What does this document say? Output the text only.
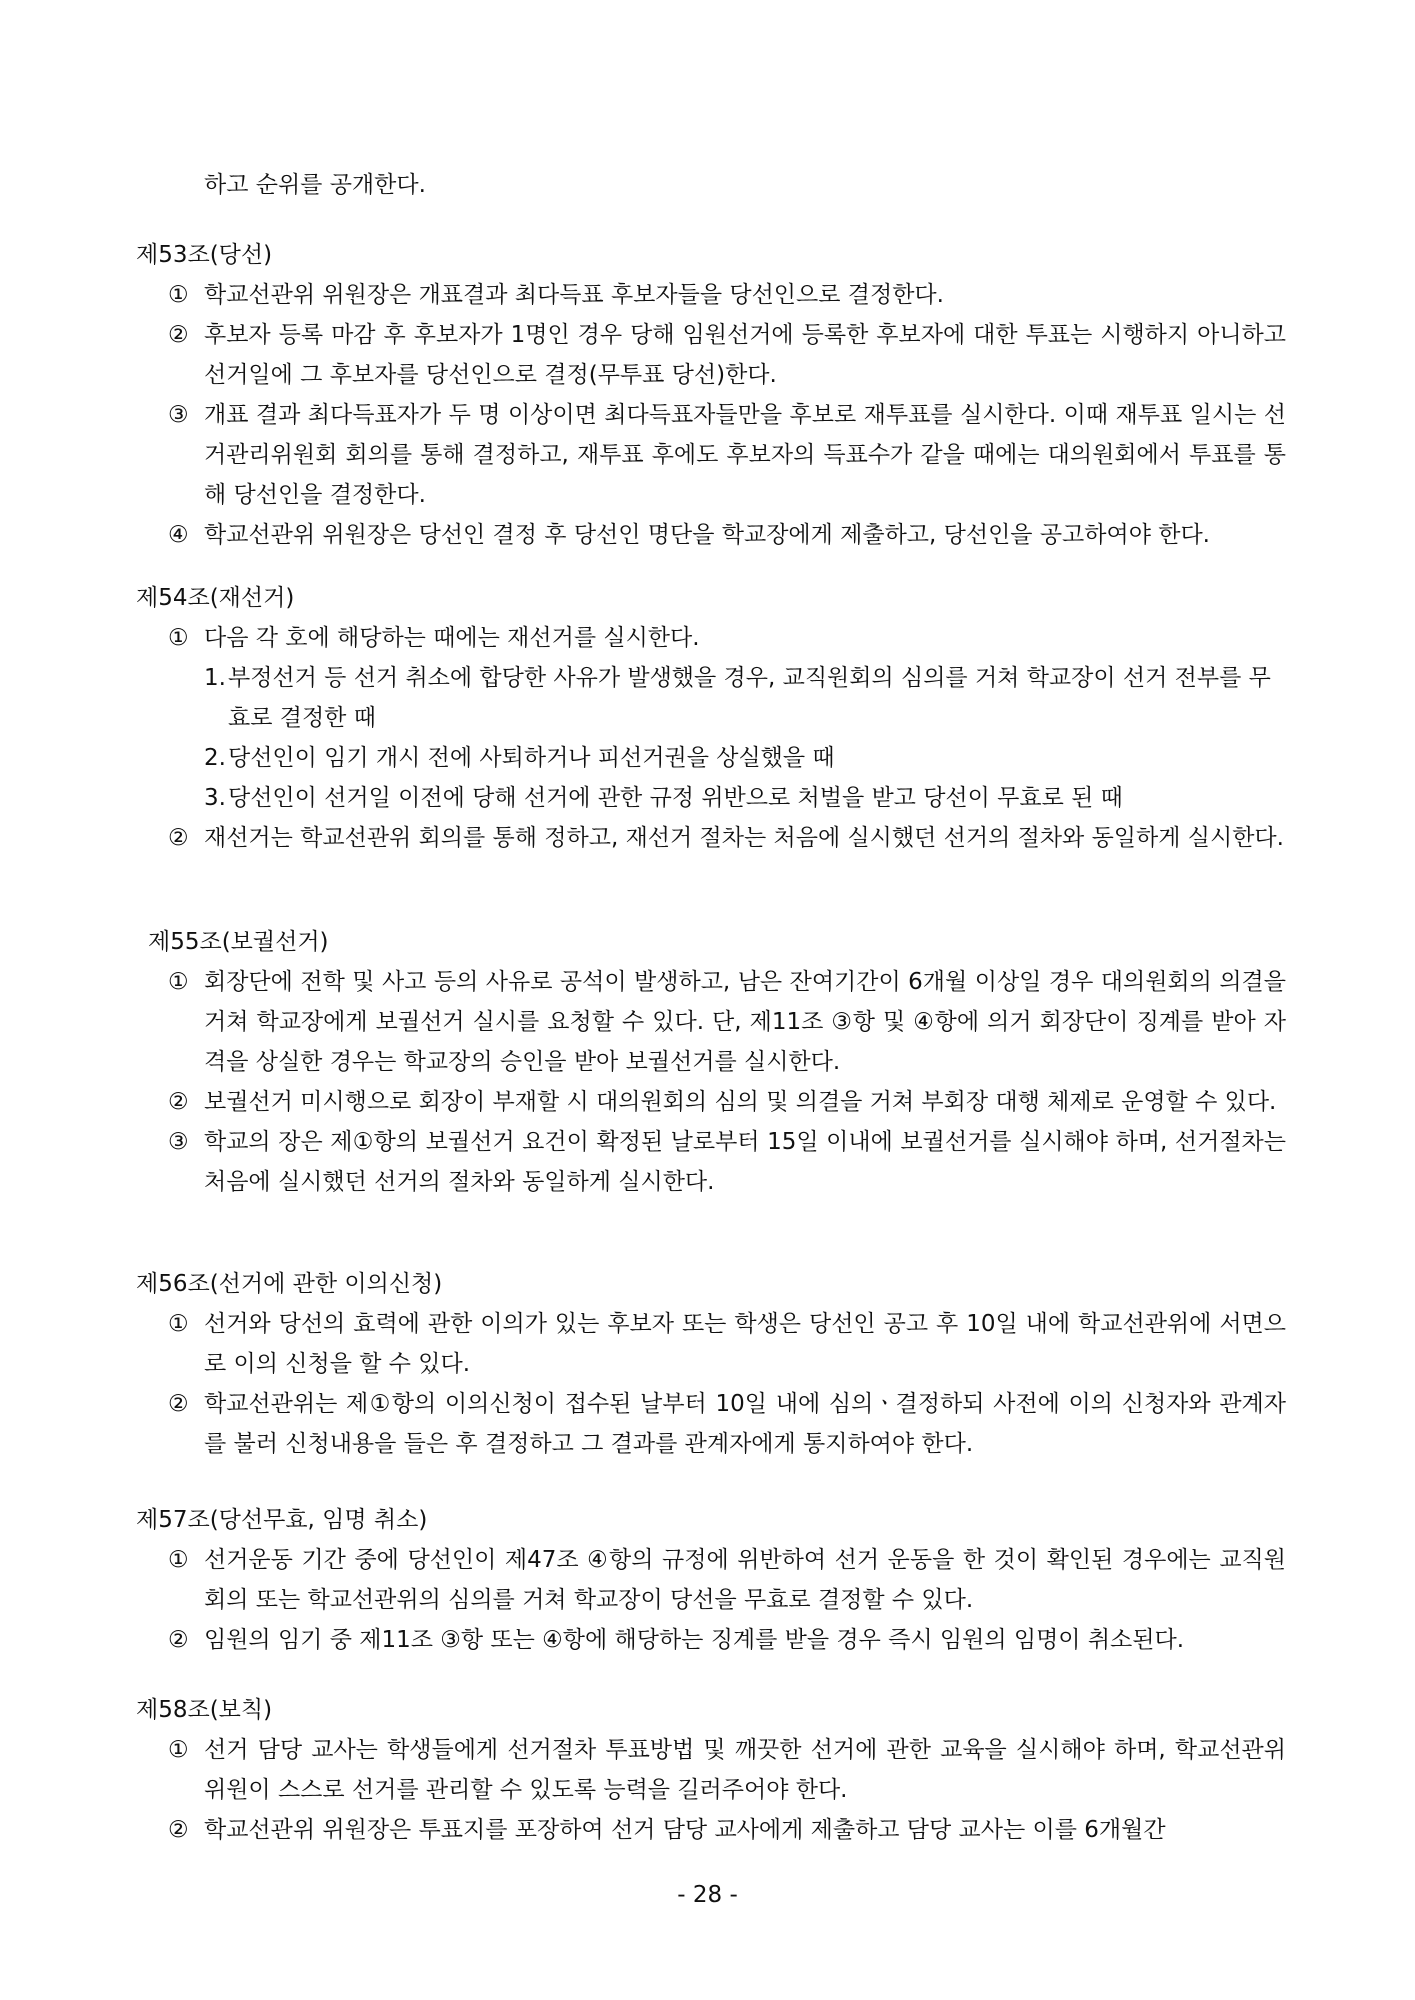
하고 순위를 공개한다.

제53조(당선)
① 학교선관위 위원장은 개표결과 최다득표 후보자들을 당선인으로 결정한다.
② 후보자 등록 마감 후 후보자가 1명인 경우 당해 임원선거에 등록한 후보자에 대한 투표는 시행하지 아니하고 선거일에 그 후보자를 당선인으로 결정(무투표 당선)한다.
③ 개표 결과 최다득표자가 두 명 이상이면 최다득표자들만을 후보로 재투표를 실시한다. 이때 재투표 일시는 선거관리위원회 회의를 통해 결정하고, 재투표 후에도 후보자의 득표수가 같을 때에는 대의원회에서 투표를 통해 당선인을 결정한다.
④ 학교선관위 위원장은 당선인 결정 후 당선인 명단을 학교장에게 제출하고, 당선인을 공고하여야 한다.
제54조(재선거)
① 다음 각 호에 해당하는 때에는 재선거를 실시한다.
1. 부정선거 등 선거 취소에 합당한 사유가 발생했을 경우, 교직원회의 심의를 거쳐 학교장이 선거 전부를 무효로 결정한 때
2. 당선인이 임기 개시 전에 사퇴하거나 피선거권을 상실했을 때
3. 당선인이 선거일 이전에 당해 선거에 관한 규정 위반으로 처벌을 받고 당선이 무효로 된 때
② 재선거는 학교선관위 회의를 통해 정하고, 재선거 절차는 처음에 실시했던 선거의 절차와 동일하게 실시한다.
제55조(보궐선거)
① 회장단에 전학 및 사고 등의 사유로 공석이 발생하고, 남은 잔여기간이 6개월 이상일 경우 대의원회의 의결을 거쳐 학교장에게 보궐선거 실시를 요청할 수 있다. 단, 제11조 ③항 및 ④항에 의거 회장단이 징계를 받아 자격을 상실한 경우는 학교장의 승인을 받아 보궐선거를 실시한다.
② 보궐선거 미시행으로 회장이 부재할 시 대의원회의 심의 및 의결을 거쳐 부회장 대행 체제로 운영할 수 있다.
③ 학교의 장은 제①항의 보궐선거 요건이 확정된 날로부터 15일 이내에 보궐선거를 실시해야 하며, 선거절차는 처음에 실시했던 선거의 절차와 동일하게 실시한다.
제56조(선거에 관한 이의신청)
① 선거와 당선의 효력에 관한 이의가 있는 후보자 또는 학생은 당선인 공고 후 10일 내에 학교선관위에 서면으로 이의 신청을 할 수 있다.
② 학교선관위는 제①항의 이의신청이 접수된 날부터 10일 내에 심의ㆍ결정하되 사전에 이의 신청자와 관계자를 불러 신청내용을 들은 후 결정하고 그 결과를 관계자에게 통지하여야 한다.
제57조(당선무효, 임명 취소)
① 선거운동 기간 중에 당선인이 제47조 ④항의 규정에 위반하여 선거 운동을 한 것이 확인된 경우에는 교직원회의 또는 학교선관위의 심의를 거쳐 학교장이 당선을 무효로 결정할 수 있다.
② 임원의 임기 중 제11조 ③항 또는 ④항에 해당하는 징계를 받을 경우 즉시 임원의 임명이 취소된다.
제58조(보칙)
① 선거 담당 교사는 학생들에게 선거절차 투표방법 및 깨끗한 선거에 관한 교육을 실시해야 하며, 학교선관위 위원이 스스로 선거를 관리할 수 있도록 능력을 길러주어야 한다.
② 학교선관위 위원장은 투표지를 포장하여 선거 담당 교사에게 제출하고 담당 교사는 이를 6개월간
- 28 -
